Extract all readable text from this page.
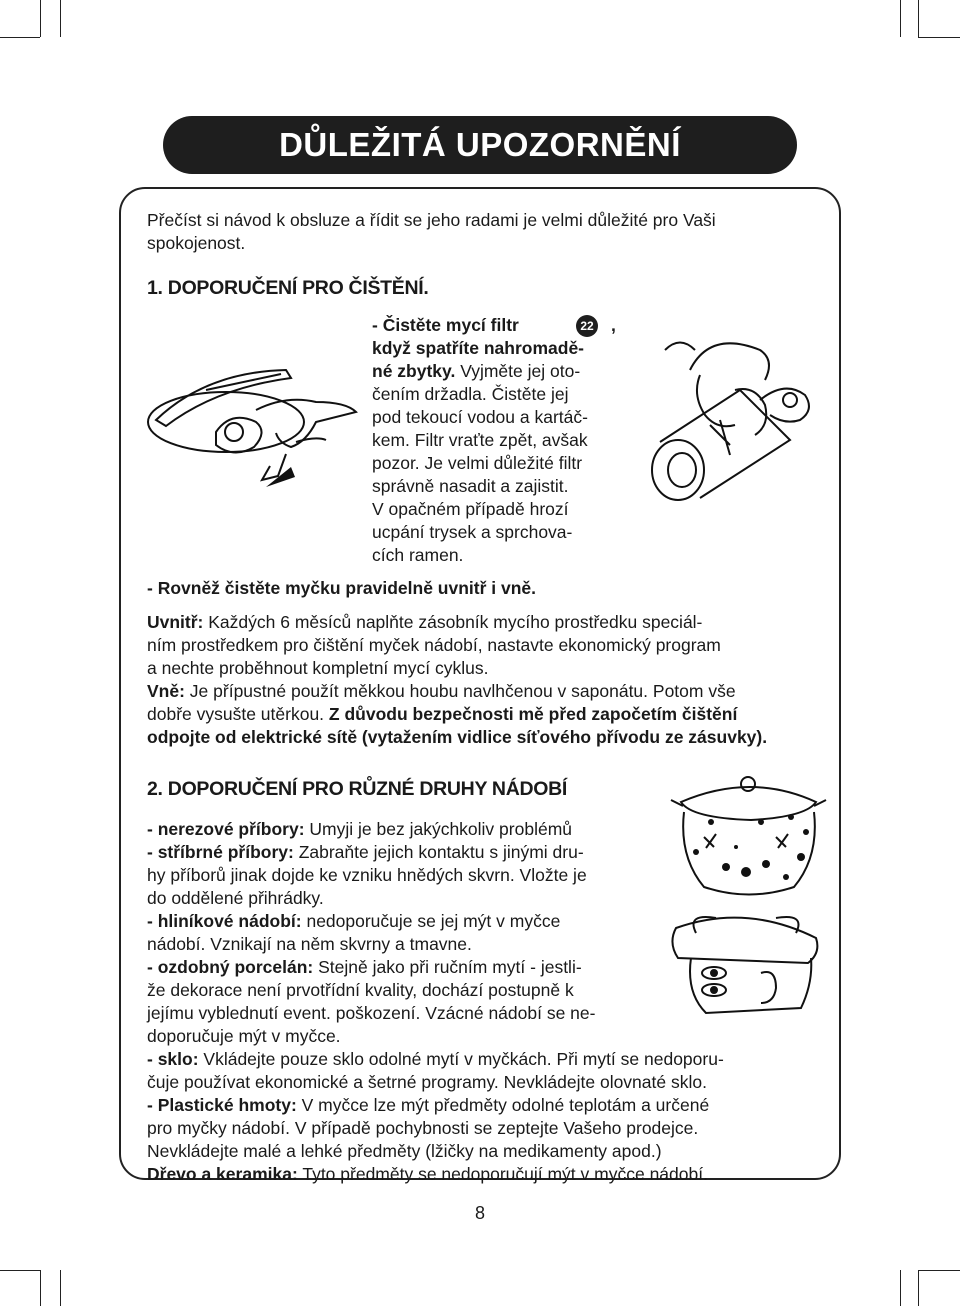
DŮLEŽITÁ UPOZORNĚNÍ
Přečíst si návod k obsluze a řídit se jeho radami je velmi důležité pro Vaši
spokojenost.
1. DOPORUČENÍ PRO ČIŠTĚNÍ.
- Čistěte mycí filtr	22 ,
když spatříte nahromadě-
né zbytky. Vyjměte jej oto-
čením držadla. Čistěte jej
pod tekoucí vodou a kartáč-
kem. Filtr vraťte zpět, avšak
pozor. Je velmi důležité filtr
správně nasadit a zajistit.
V opačném případě hrozí
ucpání trysek a sprchova-
cích ramen.
- Rovněž čistěte myčku pravidelně uvnitř i vně.
Uvnitř: Každých 6 měsíců naplňte zásobník mycího prostředku speciál-
ním prostředkem pro čištění myček nádobí, nastavte ekonomický program
a nechte proběhnout kompletní mycí cyklus.
Vně: Je přípustné použít měkkou houbu navlhčenou v saponátu. Potom vše
dobře vysušte utěrkou. Z důvodu bezpečnosti mě před započetím čištění
odpojte od elektrické sítě (vytažením vidlice síťového přívodu ze zásuvky).
2. DOPORUČENÍ PRO RŮZNÉ DRUHY NÁDOBÍ
- nerezové příbory: Umyji je bez jakýchkoliv problémů
- stříbrné příbory: Zabraňte jejich kontaktu s jinými dru-
hy příborů jinak dojde ke vzniku hnědých skvrn. Vložte je
do oddělené přihrádky.
- hliníkové nádobí: nedoporučuje se jej mýt v myčce
nádobí. Vznikají na něm skvrny a tmavne.
- ozdobný porcelán: Stejně jako při ručním mytí - jestli-
že dekorace není prvotřídní kvality, dochází postupně k
jejímu vyblednutí event. poškození. Vzácné nádobí se ne-
doporučuje mýt v myčce.
- sklo: Vkládejte pouze sklo odolné mytí v myčkách. Při mytí se nedoporu-
čuje používat ekonomické a šetrné programy. Nevkládejte olovnaté sklo.
- Plastické hmoty: V myčce lze mýt předměty odolné teplotám a určené
pro myčky nádobí. V případě pochybnosti se zeptejte Vašeho prodejce.
Nevkládejte malé a lehké předměty (lžičky na medikamenty apod.)
Dřevo a keramika: Tyto předměty se nedoporučují mýt v myčce nádobí.
8
